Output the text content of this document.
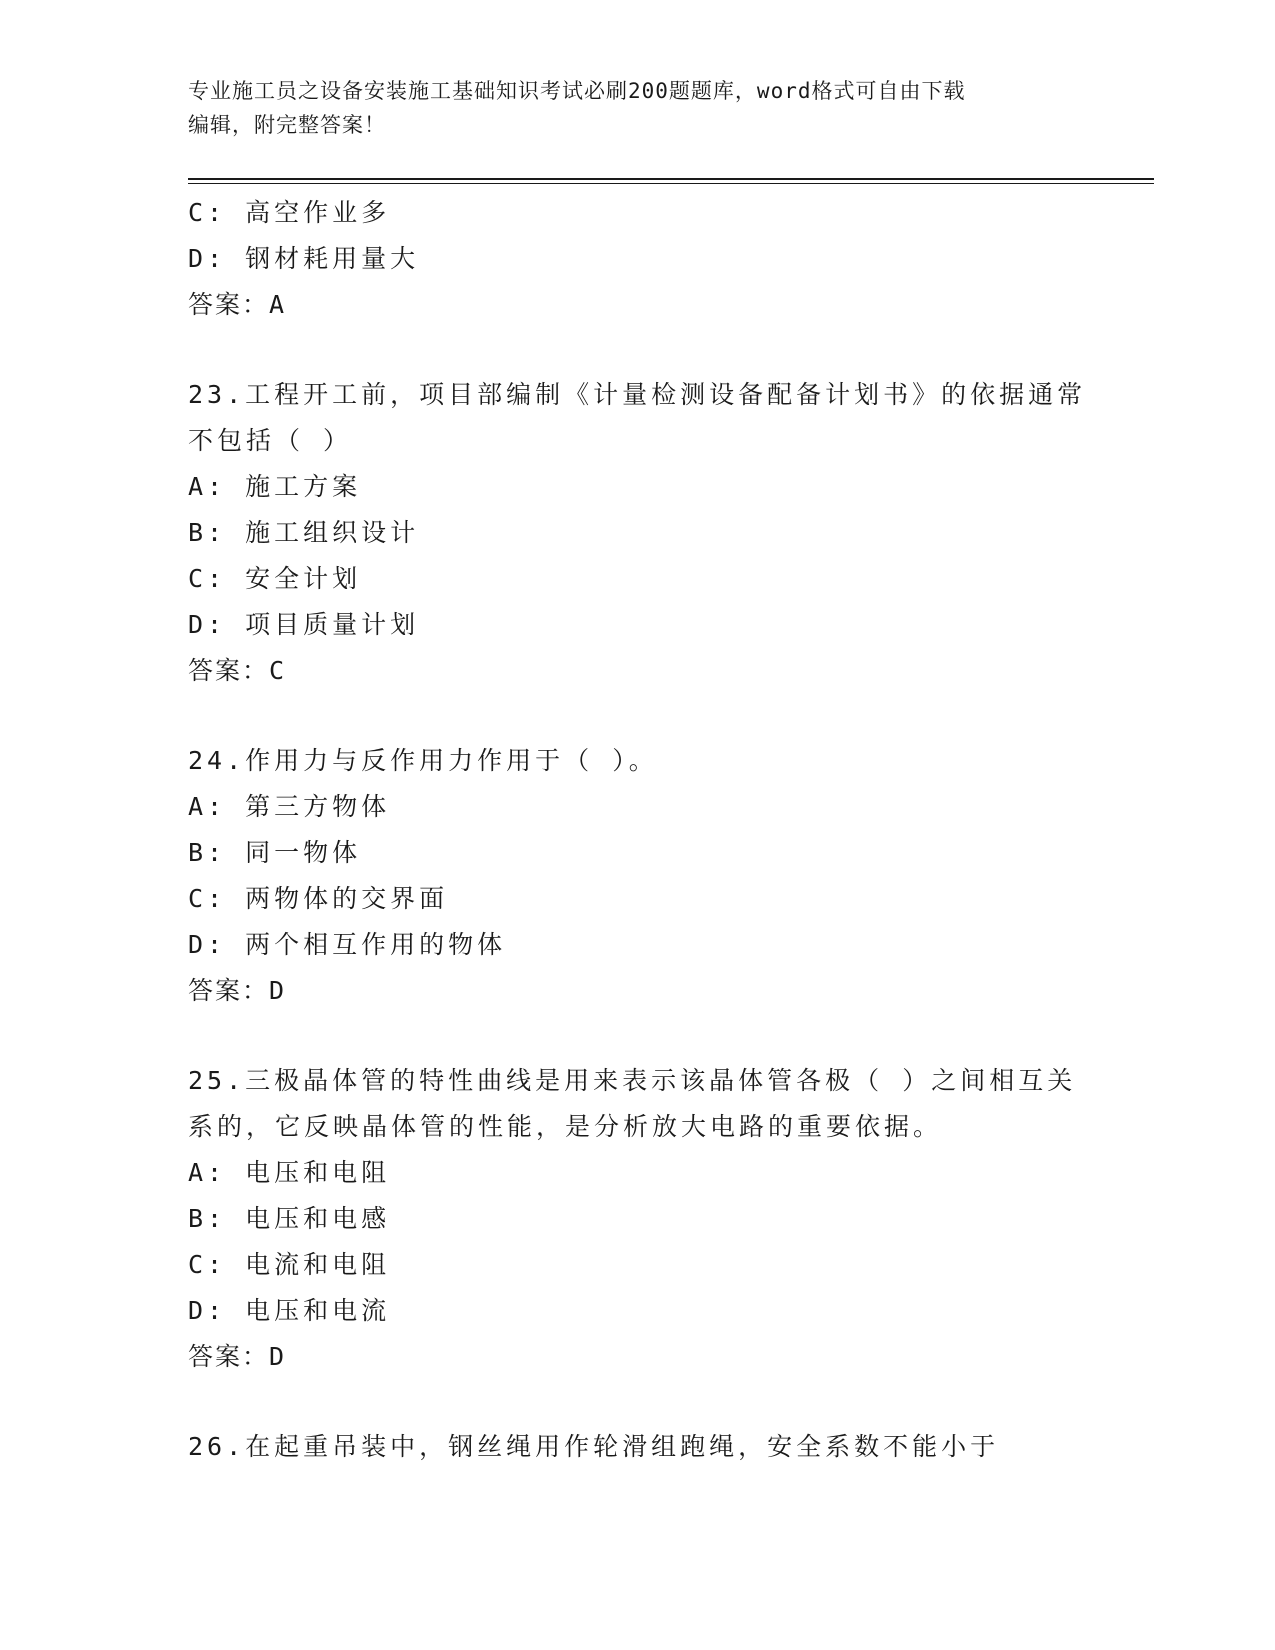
专业施工员之设备安装施工基础知识考试必刷200题题库，word格式可自由下载
编辑，附完整答案！
C: 高空作业多
D: 钢材耗用量大
答案：A
23.工程开工前，项目部编制《计量检测设备配备计划书》的依据通常
不包括（ ）
A: 施工方案
B: 施工组织设计
C: 安全计划
D: 项目质量计划
答案：C
24.作用力与反作用力作用于（ ）。
A: 第三方物体
B: 同一物体
C: 两物体的交界面
D: 两个相互作用的物体
答案：D
25.三极晶体管的特性曲线是用来表示该晶体管各极（ ）之间相互关
系的，它反映晶体管的性能，是分析放大电路的重要依据。
A: 电压和电阻
B: 电压和电感
C: 电流和电阻
D: 电压和电流
答案：D
26.在起重吊装中，钢丝绳用作轮滑组跑绳，安全系数不能小于
